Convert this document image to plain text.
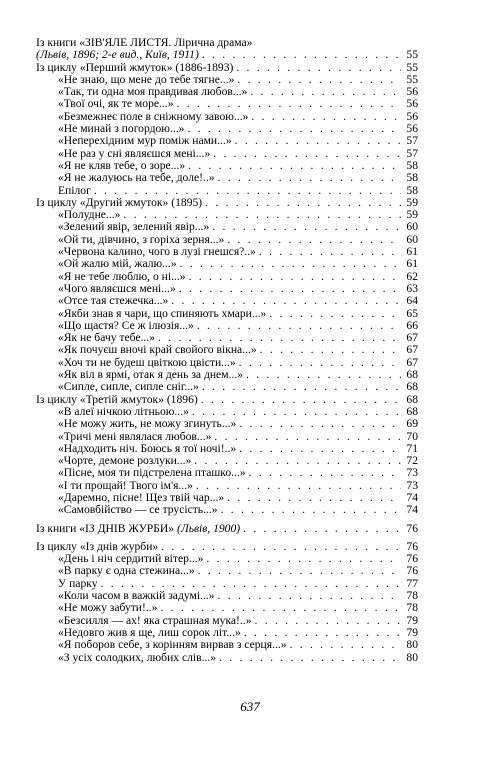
Із книги «ЗІВ'ЯЛЕ ЛИСТЯ. Лірична драма»
(Львів, 1896; 2-е вид., Київ, 1911) . . .	55
Із циклу «Перший жмуток» (1886-1893) . . .	55
«Не знаю, що мене до тебе тягне...» . . .	55
«Так, ти одна моя правдивая любов...» . . .	56
«Твої очі, як те море...» . . .	56
«Безмежнеє поле в сніжному завою...» . . .	56
«Не минай з погордою...» . . .	56
«Непереxідним мур поміж нами...» . . .	57
«Не раз у сні являєшся мені...» . . .	57
«Я не кляв тебе, о зоре...» . . .	58
«Я не жалуюсь на тебе, доле!..» . . .	58
Епілог . . .	58
Із циклу «Другий жмуток» (1895) . . .	59
«Полудне...» . . .	59
«Зелений явір, зелений явір...» . . .	60
«Ой ти, дівчино, з горіха зерня...» . . .	60
«Червона калино, чого в лузі гнешся?..» . . .	61
«Ой жалю мій, жалю...» . . .	61
«Я не тебе люблю, о ні...» . . .	62
«Чого являєшся мені...» . . .	63
«Отсе тая стежечка...» . . .	64
«Якби знав я чари, що спиняють хмари...» . . .	65
«Що щастя? Се ж ілюзія...» . . .	66
«Як не бачу тебе...» . . .	67
«Як почуєш вночі край свойого вікна...» . . .	67
«Хоч ти не будеш цвіткою цвісти...» . . .	67
«Як віл в ярмі, отак я день за днем...» . . .	68
«Сипле, сипле, сипле сніг...» . . .	68
Із циклу «Третій жмуток» (1896) . . .	68
«В алеї нічкою літньою...» . . .	68
«Не можу жить, не можу згинуть...» . . .	69
«Тричі мені являлася любов...» . . .	70
«Надходить ніч. Боюсь я тої ночі!..» . . .	71
«Чорте, демоне розлуки...» . . .	72
«Пісне, моя ти підстрелена пташко...» . . .	73
«І ти прощай! Твого ім'я...» . . .	73
«Даремно, пісне! Щез твій чар...» . . .	74
«Самовбійство — се трусість...» . . .	74
Із книги «ІЗ ДНІВ ЖУРБИ» (Львів, 1900) . . .	76
Із циклу «Із днів журби» . . .	76
«День і ніч сердитий вітер...» . . .	76
«В парку є одна стежина...» . . .	76
У парку . . .	77
«Коли часом в важкій задумі...» . . .	78
«Не можу забути!..» . . .	78
«Безсилля — ах! яка страшная мука!..» . . .	79
«Недовго жив я ще, лиш сорок літ...» . . .	79
«Я поборов себе, з корінням вирвав з серця...» . . .	80
«З усіх солодких, любих слів...» . . .	80
637
